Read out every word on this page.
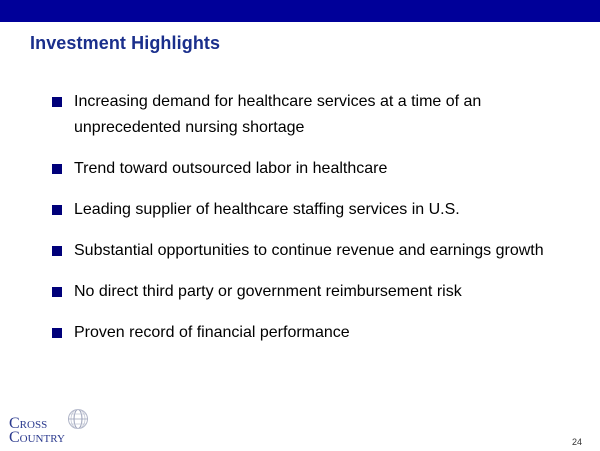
Investment Highlights
Increasing demand for healthcare services at a time of an unprecedented nursing shortage
Trend toward outsourced labor in healthcare
Leading supplier of healthcare staffing services in U.S.
Substantial opportunities to continue revenue and earnings growth
No direct third party or government reimbursement risk
Proven record of financial performance
CROSS
COUNTRY	24
